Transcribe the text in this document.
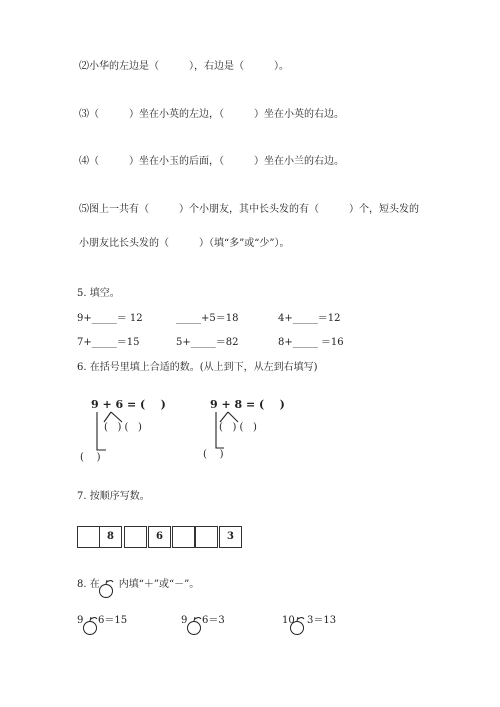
⑵小华的左边是（　　　），右边是（　　　）。
⑶（　　　）坐在小英的左边，（　　　）坐在小英的右边。
⑷（　　　）坐在小玉的后面，（　　　）坐在小兰的右边。
⑸图上一共有（　　　）个小朋友，其中长头发的有（　　　）个，短头发的
小朋友比长头发的（　　　）（填“多”或“少”）。
5. 填空。
9+_____＝ 12	_____+5＝18	4+_____＝12
7+_____＝15	5+_____＝82	8+_____ ＝16
6. 在括号里填上合适的数。(从上到下，从左到右填写)
9 + 6 = (    )
(   ) (   )
(    )
9 + 8 = (    )
(   ) (   )
(    )
7. 按顺序写数。
8	6	3
8. 在      内填“＋”或“－”。
9 6＝15	9 6＝3	10 3＝13
